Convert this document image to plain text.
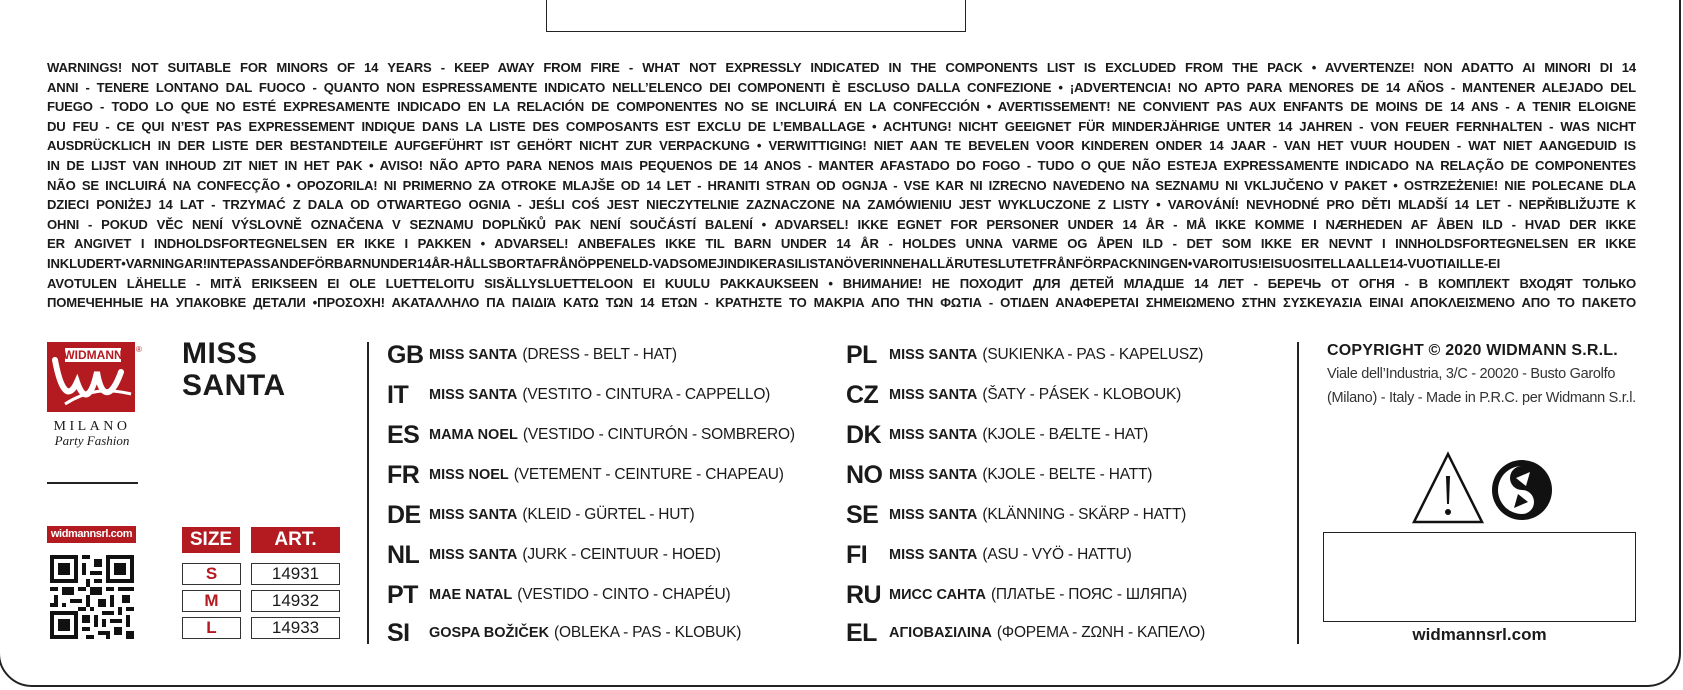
WARNINGS! NOT SUITABLE FOR MINORS OF 14 YEARS - KEEP AWAY FROM FIRE - WHAT NOT EXPRESSLY INDICATED IN THE COMPONENTS LIST IS EXCLUDED FROM THE PACK • AVVERTENZE! NON ADATTO AI MINORI DI 14
ANNI - TENERE LONTANO DAL FUOCO - QUANTO NON ESPRESSAMENTE INDICATO NELL’ELENCO DEI COMPONENTI È ESCLUSO DALLA CONFEZIONE • ¡ADVERTENCIA! NO APTO PARA MENORES DE 14 AÑOS - MANTENER ALEJADO DEL
FUEGO - TODO LO QUE NO ESTÉ EXPRESAMENTE INDICADO EN LA RELACIÓN DE COMPONENTES NO SE INCLUIRÁ EN LA CONFECCIÓN • AVERTISSEMENT! NE CONVIENT PAS AUX ENFANTS DE MOINS DE 14 ANS - A TENIR ELOIGNE
DU FEU - CE QUI N’EST PAS EXPRESSEMENT INDIQUE DANS LA LISTE DES COMPOSANTS EST EXCLU DE L’EMBALLAGE • ACHTUNG! NICHT GEEIGNET FÜR MINDERJÄHRIGE UNTER 14 JAHREN - VON FEUER FERNHALTEN - WAS NICHT
AUSDRÜCKLICH IN DER LISTE DER BESTANDTEILE AUFGEFÜHRT IST GEHÖRT NICHT ZUR VERPACKUNG • VERWITTIGING! NIET AAN TE BEVELEN VOOR KINDEREN ONDER 14 JAAR - VAN HET VUUR HOUDEN - WAT NIET AANGEDUID IS
IN DE LIJST VAN INHOUD ZIT NIET IN HET PAK • AVISO! NÃO APTO PARA NENOS MAIS PEQUENOS DE 14 ANOS - MANTER AFASTADO DO FOGO - TUDO O QUE NÃO ESTEJA EXPRESSAMENTE INDICADO NA RELAÇÃO DE COMPONENTES
NÃO SE INCLUIRÁ NA CONFECÇÃO • OPOZORILA! NI PRIMERNO ZA OTROKE MLAJŠE OD 14 LET - HRANITI STRAN OD OGNJA - VSE KAR NI IZRECNO NAVEDENO NA SEZNAMU NI VKLJUČENO V PAKET • OSTRZEŻENIE! NIE POLECANE DLA
DZIECI PONIŻEJ 14 LAT - TRZYMAĆ Z DALA OD OTWARTEGO OGNIA - JEŚLI COŚ JEST NIECZYTELNIE ZAZNACZONE NA ZAMÓWIENIU JEST WYKLUCZONE Z LISTY • VAROVÁNÍ! NEVHODNÉ PRO DĚTI MLADŠÍ 14 LET - NEPŘIBLIŽUJTE K
OHNI - POKUD VĚC NENÍ VÝSLOVNĚ OZNAČENA V SEZNAMU DOPLŇKŮ PAK NENÍ SOUČÁSTÍ BALENÍ • ADVARSEL! IKKE EGNET FOR PERSONER UNDER 14 ÅR - MÅ IKKE KOMME I NÆRHEDEN AF ÅBEN ILD - HVAD DER IKKE
ER ANGIVET I INDHOLDSFORTEGNELSEN ER IKKE I PAKKEN • ADVARSEL! ANBEFALES IKKE TIL BARN UNDER 14 ÅR - HOLDES UNNA VARME OG ÅPEN ILD - DET SOM IKKE ER NEVNT I INNHOLDSFORTEGNELSEN ER IKKE
INKLUDERT•VARNINGAR!INTEPASSANDEFÖRBARNUNDER14ÅR-HÅLLSBORTAFRÅNÖPPENELD-VADSOMEJINDIKERASILISTANÖVERINNEHALLÄRUTESLUTETFRÅNFÖRPACKNINGEN•VAROITUS!EISUOSITELLAALLE14-VUOTIAILLE-EI
AVOTULEN LÄHELLE - MITÄ ERIKSEEN EI OLE LUETTELOITU SISÄLLYSLUETTELOON EI KUULU PAKKAUKSEEN • ВНИМАНИЕ! НЕ ПОХОДИТ ДЛЯ ДЕТЕЙ МЛАДШЕ 14 ЛЕТ - БЕРЕЧЬ ОТ ОГНЯ - В КОМПЛЕКТ ВХОДЯТ ТОЛЬКО
ПОМЕЧЕННЫЕ НА УПАКОВКЕ ДЕТАЛИ •ΠΡΟΣΟΧΗ! ΑΚΑΤΑΛΛΗΛΟ ΠΑ ΠΑΙΔΙΆ ΚΑΤΩ ΤΩΝ 14 ΕΤΩΝ - ΚΡΑΤΗΣΤΕ ΤΟ ΜΑΚΡΙΑ ΑΠΟ ΤΗΝ ΦΩΤΙΑ - ΟΤΙΔΕΝ ΑΝΑΦΕΡΕΤΑΙ ΣΗΜΕΙΩΜΕΝΟ ΣΤΗΝ ΣΥΣΚΕΥΑΣΙΑ ΕΙΝΑΙ ΑΠΟΚΛΕΙΣΜΕΝΟ ΑΠΟ ΤΟ ΠΑΚΕΤΟ
WIDMANN ®
MILANO
Party Fashion
MISS
SANTA
widmannsrl.com	SIZE	ART.
S	14931
M	14932
L	14933
GB MISS SANTA (DRESS - BELT - HAT)
IT	MISS SANTA (VESTITO - CINTURA - CAPPELLO)
ES MAMA NOEL (VESTIDO - CINTURÓN - SOMBRERO)
FR MISS NOEL (VETEMENT - CEINTURE - CHAPEAU)
DE MISS SANTA (KLEID - GÜRTEL - HUT)
NL MISS SANTA (JURK - CEINTUUR - HOED)
PT MAE NATAL (VESTIDO - CINTO - CHAPÉU)
SI	GOSPA BOŽIČEK (OBLEKA - PAS - KLOBUK)
PL MISS SANTA (SUKIENKA - PAS - KAPELUSZ)
CZ MISS SANTA (ŠATY - PÁSEK - KLOBOUK)
DK MISS SANTA (KJOLE - BÆLTE - HAT)
NO MISS SANTA (KJOLE - BELTE - HATT)
SE MISS SANTA (KLÄNNING - SKÄRP - HATT)
FI	MISS SANTA (ASU - VYÖ - HATTU)
RU МИСС САНТА (ПЛАТЬЕ - ПОЯС - ШЛЯПА)
EL ΑΓΙΟΒΑΣΙΛΙΝΑ (ΦΟΡΕΜΑ - ΖΩΝΗ - ΚΑΠΕΛΟ)
COPYRIGHT © 2020 WIDMANN S.R.L.
Viale dell’Industria, 3/C - 20020 - Busto Garolfo
(Milano) - Italy - Made in P.R.C. per Widmann S.r.l.

widmannsrl.com
